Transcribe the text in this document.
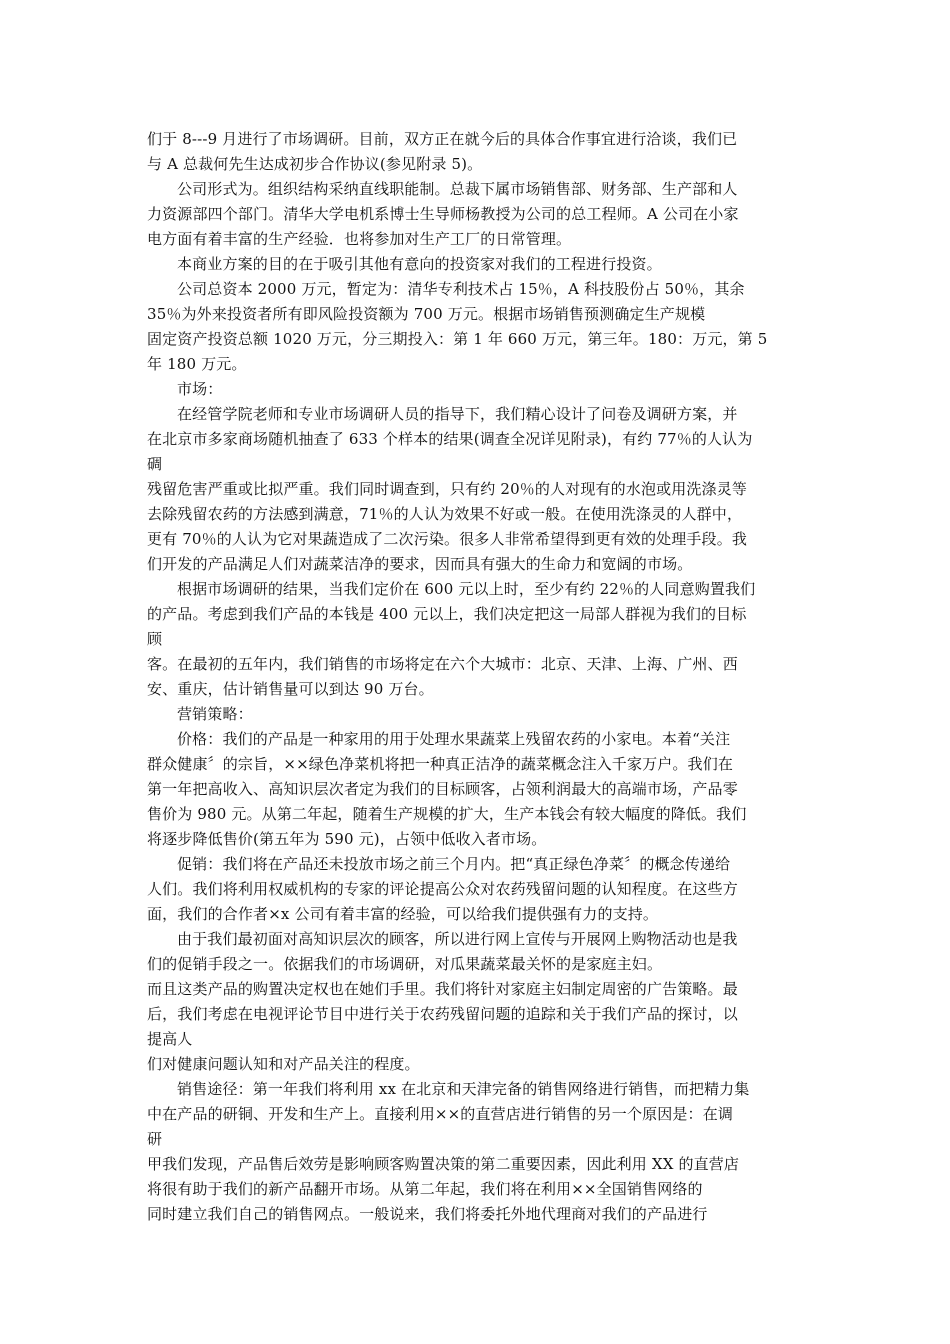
们于 8---9 月进行了市场调研。目前，双方正在就今后的具体合作事宜进行洽谈，我们已
与 A 总裁何先生达成初步合作协议(参见附录 5)。
公司形式为。组织结构采纳直线职能制。总裁下属市场销售部、财务部、生产部和人
力资源部四个部门。清华大学电机系博士生导师杨教授为公司的总工程师。A 公司在小家
电方面有着丰富的生产经验．也将参加对生产工厂的日常管理。
本商业方案的目的在于吸引其他有意向的投资家对我们的工程进行投资。
公司总资本 2000 万元，暂定为：清华专利技术占 15％，A 科技股份占 50％，其余
35％为外来投资者所有即风险投资额为 700 万元。根据市场销售预测确定生产规模
固定资产投资总额 1020 万元，分三期投入：第 1 年 660 万元，第三年。180：万元，第 5
年 180 万元。
市场：
在经管学院老师和专业市场调研人员的指导下，我们精心设计了问卷及调研方案，并
在北京市多家商场随机抽查了 633 个样本的结果(调查全况详见附录)，有约 77％的人认为
碉
残留危害严重或比拟严重。我们同时调查到，只有约 20％的人对现有的水泡或用洗涤灵等
去除残留农药的方法感到满意，71％的人认为效果不好或一般。在使用洗涤灵的人群中，
更有 70％的人认为它对果蔬造成了二次污染。很多人非常希望得到更有效的处理手段。我
们开发的产品满足人们对蔬菜洁净的要求，因而具有强大的生命力和宽阔的市场。
根据市场调研的结果，当我们定价在 600 元以上时，至少有约 22％的人同意购置我们
的产品。考虑到我们产品的本钱是 400 元以上，我们决定把这一局部人群视为我们的目标
顾
客。在最初的五年内，我们销售的市场将定在六个大城市：北京、天津、上海、广州、西
安、重庆，估计销售量可以到达 90 万台。
营销策略：
价格：我们的产品是一种家用的用于处理水果蔬菜上残留农药的小家电。本着“关注
群众健康〞的宗旨，××绿色净菜机将把一种真正洁净的蔬菜概念注入千家万户。我们在
第一年把高收入、高知识层次者定为我们的目标顾客，占领利润最大的高端市场，产品零
售价为 980 元。从第二年起，随着生产规模的扩大，生产本钱会有较大幅度的降低。我们
将逐步降低售价(第五年为 590 元)，占领中低收入者市场。
促销：我们将在产品还未投放市场之前三个月内。把“真正绿色净菜〞的概念传递给
人们。我们将利用权威机构的专家的评论提高公众对农药残留问题的认知程度。在这些方
面，我们的合作者×x 公司有着丰富的经验，可以给我们提供强有力的支持。
由于我们最初面对高知识层次的顾客，所以进行网上宣传与开展网上购物活动也是我
们的促销手段之一。依据我们的市场调研，对瓜果蔬菜最关怀的是家庭主妇。
而且这类产品的购置决定权也在她们手里。我们将针对家庭主妇制定周密的广告策略。最
后，我们考虑在电视评论节目中进行关于农药残留问题的追踪和关于我们产品的探讨，以
提高人
们对健康问题认知和对产品关注的程度。
销售途径：第一年我们将利用 xx 在北京和天津完备的销售网络进行销售，而把精力集
中在产品的研铜、开发和生产上。直接利用××的直营店进行销售的另一个原因是：在调
研
甲我们发现，产品售后效劳是影响顾客购置决策的第二重要因素，因此利用 XX 的直营店
将很有助于我们的新产品翻开市场。从第二年起，我们将在利用××全国销售网络的
同时建立我们自己的销售网点。一般说来，我们将委托外地代理商对我们的产品进行
